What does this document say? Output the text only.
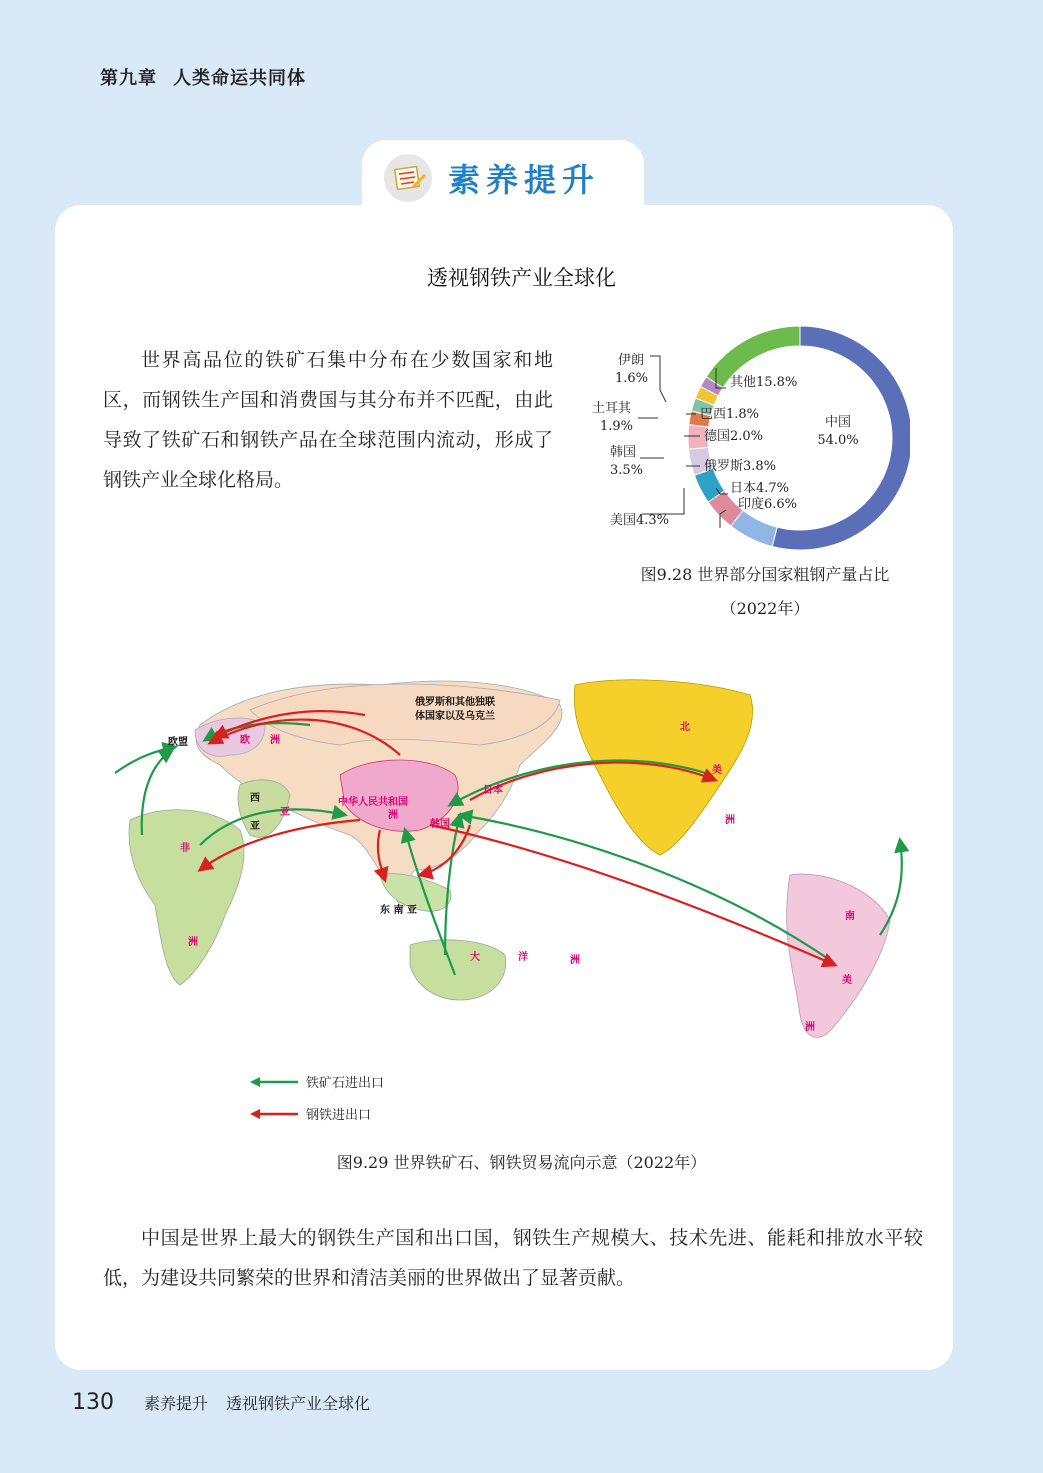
第九章 人类命运共同体
素养提升
透视钢铁产业全球化

世界高品位的铁矿石集中分布在少数国家和地区，而钢铁生产国和消费国与其分布并不匹配，由此导致了铁矿石和钢铁产品在全球范围内流动，形成了钢铁产业全球化格局。

中国
54.0%
其他15.8%
巴西1.8%
德国2.0%
俄罗斯3.8%
日本4.7%
印度6.6%
伊朗
1.6%
土耳其
1.9%
韩国
3.5%
美国4.3%
图9.28 世界部分国家粗钢产量占比
（2022年）
俄罗斯和其他独联
体国家以及乌克兰
欧盟	欧 洲
西
亚
亚
中华人民共和国
洲
日本
韩国
非
洲
东 南 亚
大	洋	洲
北
美
洲
南
美
洲
铁矿石进出口
钢铁进出口
图9.29 世界铁矿石、钢铁贸易流向示意（2022年）

中国是世界上最大的钢铁生产国和出口国，钢铁生产规模大、技术先进、能耗和排放水平较低，为建设共同繁荣的世界和清洁美丽的世界做出了显著贡献。

130 素养提升 透视钢铁产业全球化
